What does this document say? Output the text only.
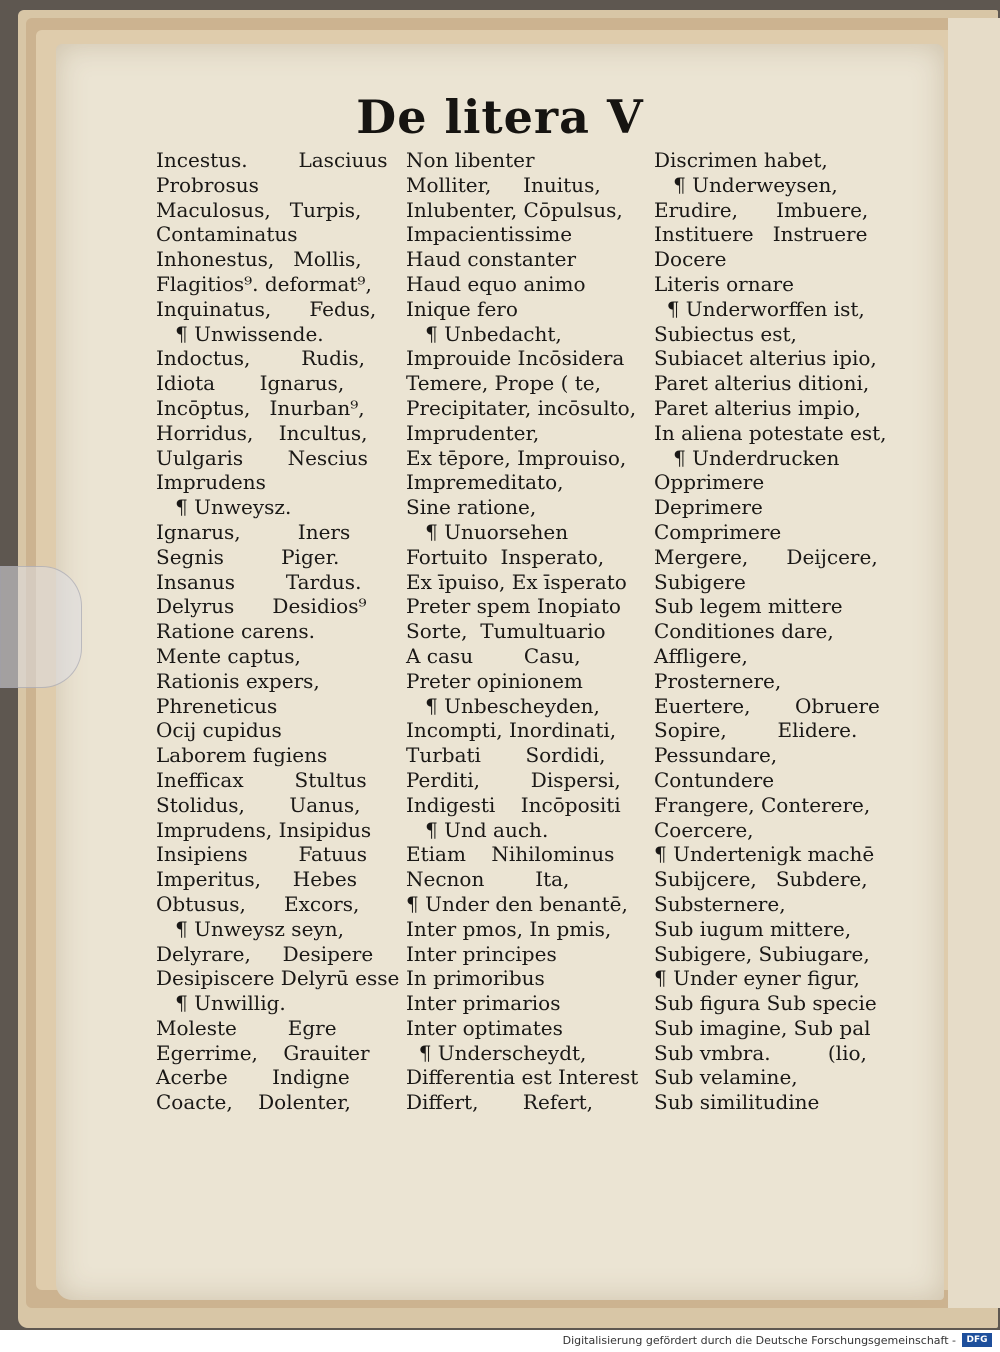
De litera V
Incestus.        Lasciuus
Probrosus
Maculosus,   Turpis,
Contaminatus
Inhonestus,   Mollis,
Flagitios⁹. deformat⁹,
Inquinatus,      Fedus,
¶ Unwissende.
Indoctus,        Rudis,
Idiota       Ignarus,
Incōptus,   Inurban⁹,
Horridus,    Incultus,
Uulgaris       Nescius
Imprudens
¶ Unweysz.
Ignarus,         Iners
Segnis         Piger.
Insanus        Tardus.
Delyrus      Desidios⁹
Ratione carens.
Mente captus,
Rationis expers,
Phreneticus
Ocij cupidus
Laborem fugiens
Inefficax        Stultus
Stolidus,       Uanus,
Imprudens, Insipidus
Insipiens        Fatuus
Imperitus,     Hebes
Obtusus,      Excors,
¶ Unweysz seyn,
Delyrare,     Desipere
Desipiscere Delyrū esse
¶ Unwillig.
Moleste        Egre
Egerrime,    Grauiter
Acerbe       Indigne
Coacte,    Dolenter,
Non libenter
Molliter,     Inuitus,
Inlubenter, Cōpulsus,
Impacientissime
Haud constanter
Haud equo animo
Inique fero
¶ Unbedacht,
Improuide Incōsidera
Temere, Prope ( te,
Precipitater, incōsulto,
Imprudenter,
Ex tēpore, Improuiso,
Impremeditato,
Sine ratione,
¶ Unuorsehen
Fortuito  Insperato,
Ex īpuiso, Ex īsperato
Preter spem Inopiato
Sorte,  Tumultuario
A casu        Casu,
Preter opinionem
¶ Unbescheyden,
Incompti, Inordinati,
Turbati       Sordidi,
Perditi,        Dispersi,
Indigesti    Incōpositi
¶ Und auch.
Etiam    Nihilominus
Necnon        Ita,
¶ Under den benantē,
Inter pmos, In pmis,
Inter principes
In primoribus
Inter primarios
Inter optimates
¶ Underscheydt,
Differentia est Interest
Differt,       Refert,
Discrimen habet,
¶ Underweysen,
Erudire,      Imbuere,
Instituere   Instruere
Docere
Literis ornare
¶ Underworffen ist,
Subiectus est,
Subiacet alterius ipio,
Paret alterius ditioni,
Paret alterius impio,
In aliena potestate est,
¶ Underdrucken
Opprimere
Deprimere
Comprimere
Mergere,      Deijcere,
Subigere
Sub legem mittere
Conditiones dare,
Affligere,
Prosternere,
Euertere,       Obruere
Sopire,        Elidere.
Pessundare,
Contundere
Frangere, Conterere,
Coercere,
¶ Undertenigk machē
Subijcere,   Subdere,
Substernere,
Sub iugum mittere,
Subigere, Subiugare,
¶ Under eyner figur,
Sub figura Sub specie
Sub imagine, Sub pal
Sub vmbra.         (lio,
Sub velamine,
Sub similitudine
Digitalisierung gefördert durch die Deutsche Forschungsgemeinschaft -	DFG
